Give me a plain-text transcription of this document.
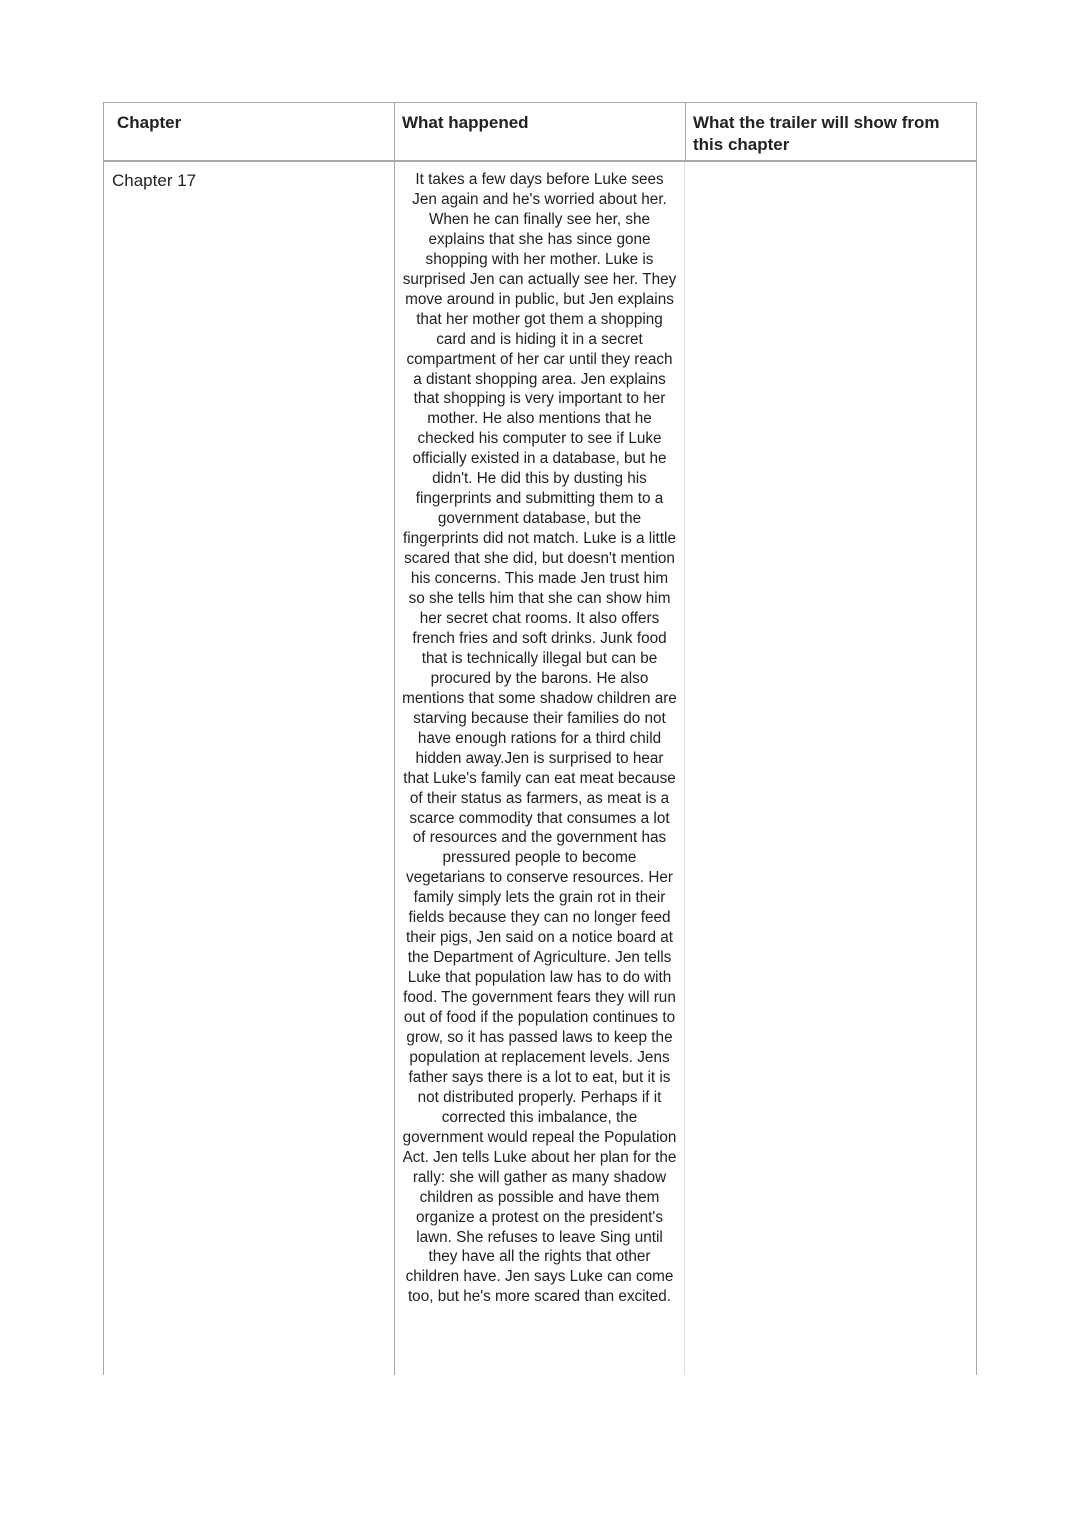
Chapter	What happened	What the trailer will show from this chapter
Chapter 17	It takes a few days before Luke sees Jen again and he's worried about her. When he can finally see her, she explains that she has since gone shopping with her mother. Luke is surprised Jen can actually see her. They move around in public, but Jen explains that her mother got them a shopping card and is hiding it in a secret compartment of her car until they reach a distant shopping area. Jen explains that shopping is very important to her mother. He also mentions that he checked his computer to see if Luke officially existed in a database, but he didn't. He did this by dusting his fingerprints and submitting them to a government database, but the fingerprints did not match. Luke is a little scared that she did, but doesn't mention his concerns. This made Jen trust him so she tells him that she can show him her secret chat rooms. It also offers french fries and soft drinks. Junk food that is technically illegal but can be procured by the barons. He also mentions that some shadow children are starving because their families do not have enough rations for a third child hidden away.Jen is surprised to hear that Luke's family can eat meat because of their status as farmers, as meat is a scarce commodity that consumes a lot of resources and the government has pressured people to become vegetarians to conserve resources. Her family simply lets the grain rot in their fields because they can no longer feed their pigs, Jen said on a notice board at the Department of Agriculture. Jen tells Luke that population law has to do with food. The government fears they will run out of food if the population continues to grow, so it has passed laws to keep the population at replacement levels. Jens father says there is a lot to eat, but it is not distributed properly. Perhaps if it corrected this imbalance, the government would repeal the Population Act. Jen tells Luke about her plan for the rally: she will gather as many shadow children as possible and have them organize a protest on the president's lawn. She refuses to leave Sing until they have all the rights that other children have. Jen says Luke can come too, but he's more scared than excited.
